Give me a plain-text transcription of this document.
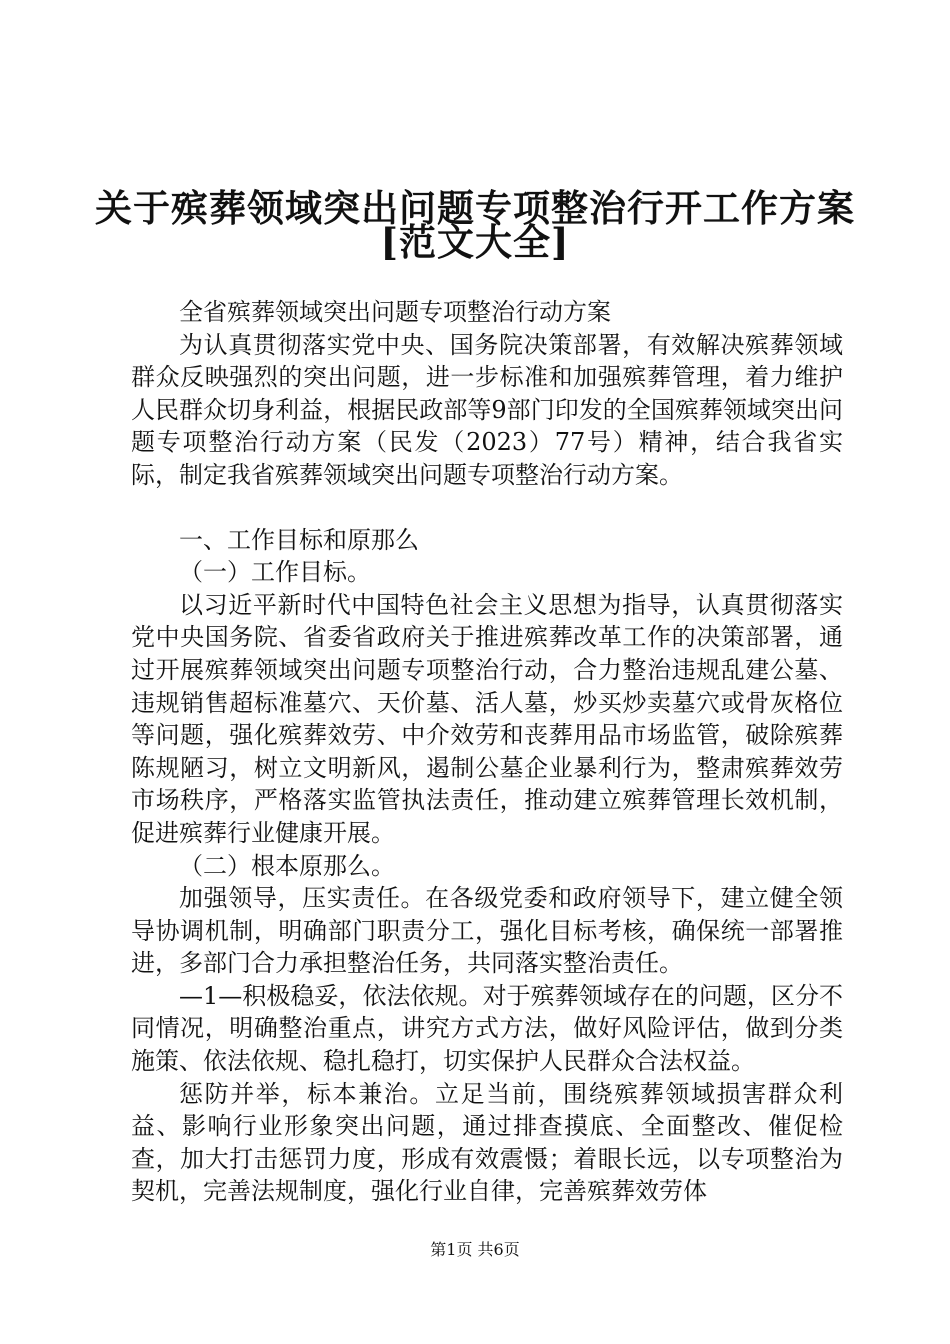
关于殡葬领域突出问题专项整治行开工作方案
[范文大全]

全省殡葬领域突出问题专项整治行动方案

为认真贯彻落实党中央、国务院决策部署，有效解决殡葬领域群众反映强烈的突出问题，进一步标准和加强殡葬管理，着力维护人民群众切身利益，根据民政部等9部门印发的全国殡葬领域突出问题专项整治行动方案（民发（2023）77号）精神，结合我省实际，制定我省殡葬领域突出问题专项整治行动方案。

一、工作目标和原那么

（一）工作目标。

以习近平新时代中国特色社会主义思想为指导，认真贯彻落实党中央国务院、省委省政府关于推进殡葬改革工作的决策部署，通过开展殡葬领域突出问题专项整治行动，合力整治违规乱建公墓、违规销售超标准墓穴、天价墓、活人墓，炒买炒卖墓穴或骨灰格位等问题，强化殡葬效劳、中介效劳和丧葬用品市场监管，破除殡葬陈规陋习，树立文明新风，遏制公墓企业暴利行为，整肃殡葬效劳市场秩序，严格落实监管执法责任，推动建立殡葬管理长效机制，促进殡葬行业健康开展。

（二）根本原那么。

加强领导，压实责任。在各级党委和政府领导下，建立健全领导协调机制，明确部门职责分工，强化目标考核，确保统一部署推进，多部门合力承担整治任务，共同落实整治责任。

—1—积极稳妥，依法依规。对于殡葬领域存在的问题，区分不同情况，明确整治重点，讲究方式方法，做好风险评估，做到分类施策、依法依规、稳扎稳打，切实保护人民群众合法权益。

惩防并举，标本兼治。立足当前，围绕殡葬领域损害群众利益、影响行业形象突出问题，通过排查摸底、全面整改、催促检查，加大打击惩罚力度，形成有效震慑；着眼长远，以专项整治为契机，完善法规制度，强化行业自律，完善殡葬效劳体

第1页 共6页
